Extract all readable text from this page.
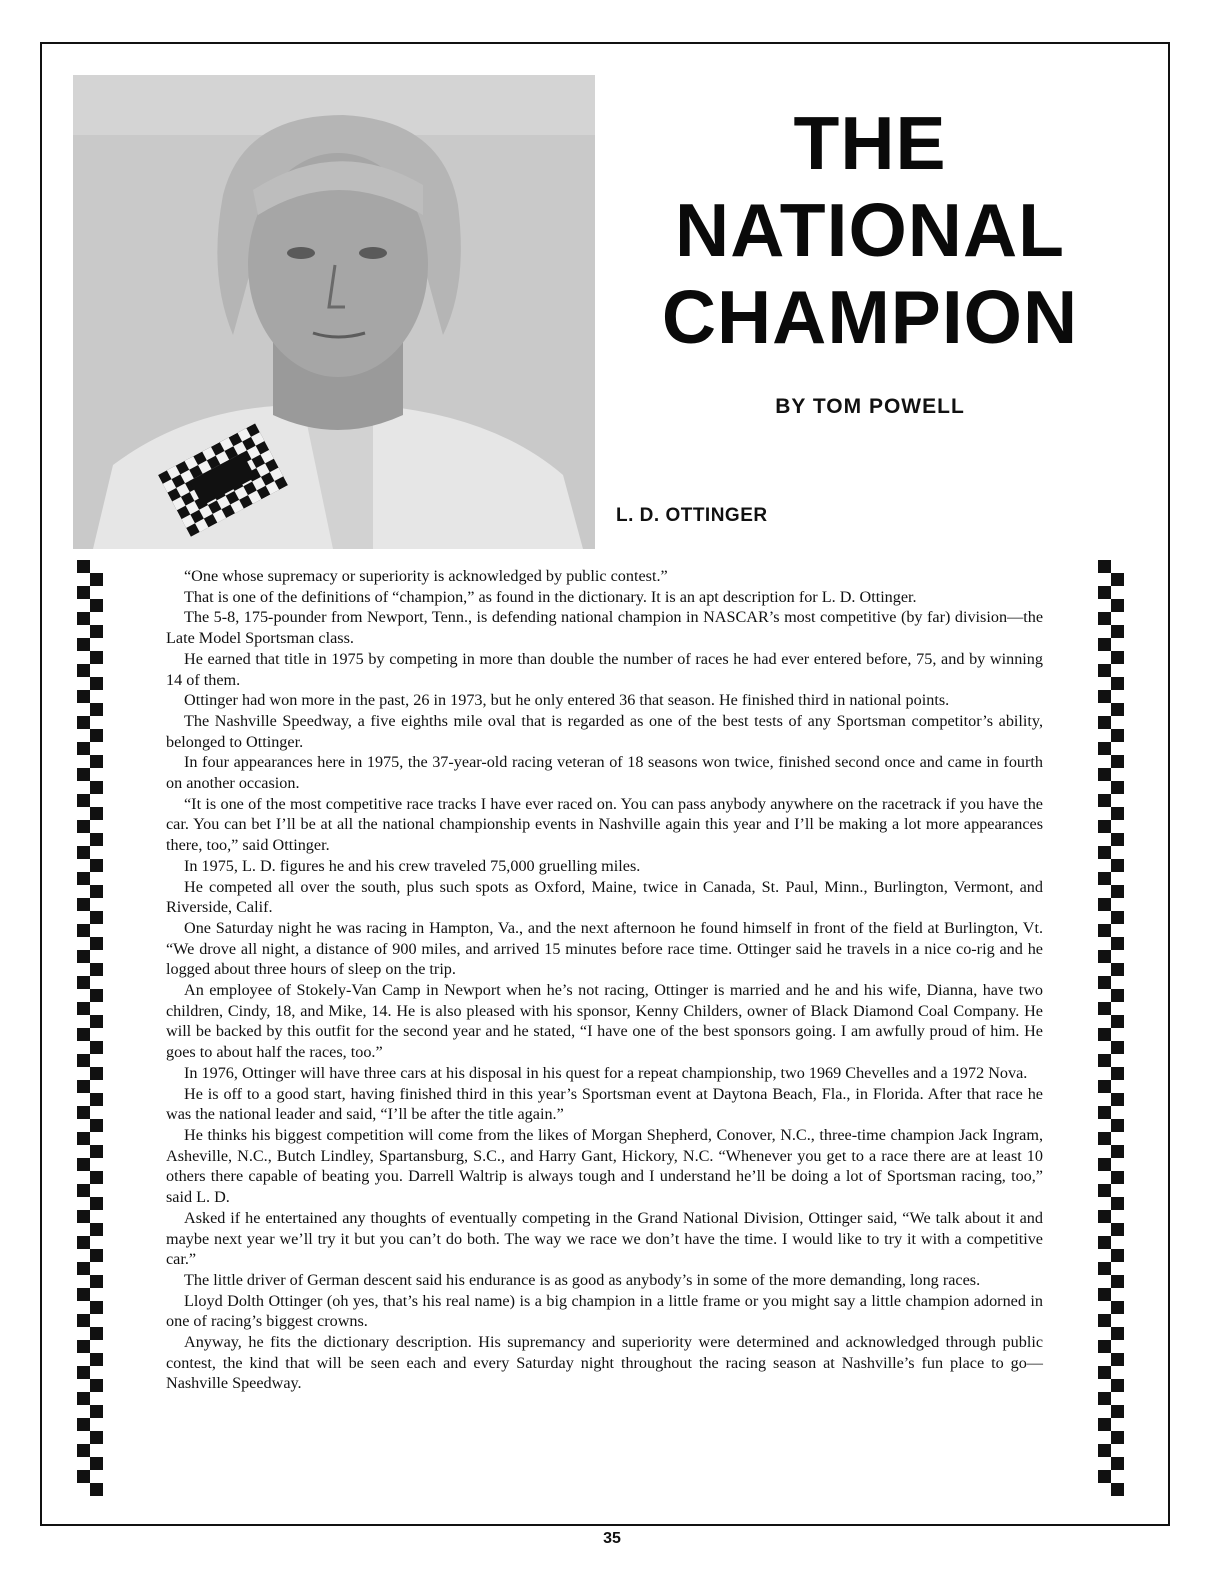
THE
NATIONAL
CHAMPION
BY TOM POWELL
L. D. OTTINGER

“One whose supremacy or superiority is acknowledged by public contest.”

That is one of the definitions of “champion,” as found in the dictionary. It is an apt description for L. D. Ottinger.

The 5-8, 175-pounder from Newport, Tenn., is defending national champion in NASCAR’s most competitive (by far) division—the Late Model Sportsman class.

He earned that title in 1975 by competing in more than double the number of races he had ever entered before, 75, and by winning 14 of them.

Ottinger had won more in the past, 26 in 1973, but he only entered 36 that season. He finished third in national points.

The Nashville Speedway, a five eighths mile oval that is regarded as one of the best tests of any Sportsman competitor’s ability, belonged to Ottinger.

In four appearances here in 1975, the 37-year-old racing veteran of 18 seasons won twice, finished second once and came in fourth on another occasion.

“It is one of the most competitive race tracks I have ever raced on. You can pass anybody anywhere on the racetrack if you have the car. You can bet I’ll be at all the national championship events in Nashville again this year and I’ll be making a lot more appearances there, too,” said Ottinger.

In 1975, L. D. figures he and his crew traveled 75,000 gruelling miles.

He competed all over the south, plus such spots as Oxford, Maine, twice in Canada, St. Paul, Minn., Burlington, Vermont, and Riverside, Calif.

One Saturday night he was racing in Hampton, Va., and the next afternoon he found himself in front of the field at Burlington, Vt. “We drove all night, a distance of 900 miles, and arrived 15 minutes before race time. Ottinger said he travels in a nice co-rig and he logged about three hours of sleep on the trip.

An employee of Stokely-Van Camp in Newport when he’s not racing, Ottinger is married and he and his wife, Dianna, have two children, Cindy, 18, and Mike, 14. He is also pleased with his sponsor, Kenny Childers, owner of Black Diamond Coal Company. He will be backed by this outfit for the second year and he stated, “I have one of the best sponsors going. I am awfully proud of him. He goes to about half the races, too.”

In 1976, Ottinger will have three cars at his disposal in his quest for a repeat championship, two 1969 Chevelles and a 1972 Nova.

He is off to a good start, having finished third in this year’s Sportsman event at Daytona Beach, Fla., in Florida. After that race he was the national leader and said, “I’ll be after the title again.”

He thinks his biggest competition will come from the likes of Morgan Shepherd, Conover, N.C., three-time champion Jack Ingram, Asheville, N.C., Butch Lindley, Spartansburg, S.C., and Harry Gant, Hickory, N.C. “Whenever you get to a race there are at least 10 others there capable of beating you. Darrell Waltrip is always tough and I understand he’ll be doing a lot of Sportsman racing, too,” said L. D.

Asked if he entertained any thoughts of eventually competing in the Grand National Division, Ottinger said, “We talk about it and maybe next year we’ll try it but you can’t do both. The way we race we don’t have the time. I would like to try it with a competitive car.”

The little driver of German descent said his endurance is as good as anybody’s in some of the more demanding, long races.

Lloyd Dolth Ottinger (oh yes, that’s his real name) is a big champion in a little frame or you might say a little champion adorned in one of racing’s biggest crowns.

Anyway, he fits the dictionary description. His supremancy and superiority were determined and acknowledged through public contest, the kind that will be seen each and every Saturday night throughout the racing season at Nashville’s fun place to go—Nashville Speedway.

35
